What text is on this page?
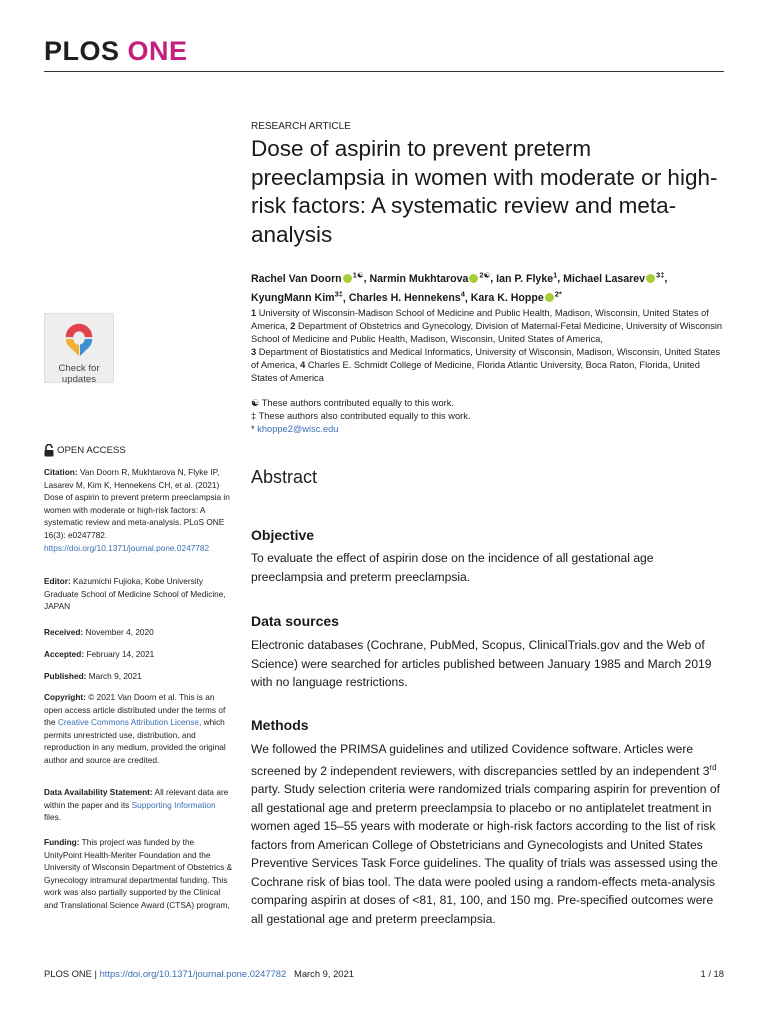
PLOS ONE
Check for
updates
OPEN ACCESS

Citation: Van Doorn R, Mukhtarova N, Flyke IP, Lasarev M, Kim K, Hennekens CH, et al. (2021) Dose of aspirin to prevent preterm preeclampsia in women with moderate or high-risk factors: A systematic review and meta-analysis. PLoS ONE 16(3): e0247782. https://doi.org/10.1371/journal.pone.0247782

Editor: Kazumichi Fujioka, Kobe University Graduate School of Medicine School of Medicine, JAPAN

Received: November 4, 2020

Accepted: February 14, 2021

Published: March 9, 2021

Copyright: © 2021 Van Doorn et al. This is an open access article distributed under the terms of the Creative Commons Attribution License, which permits unrestricted use, distribution, and reproduction in any medium, provided the original author and source are credited.

Data Availability Statement: All relevant data are within the paper and its Supporting Information files.

Funding: This project was funded by the UnityPoint Health-Meriter Foundation and the University of Wisconsin Department of Obstetrics & Gynecology intramural departmental funding. This work was also partially supported by the Clinical and Translational Science Award (CTSA) program,

RESEARCH ARTICLE
Dose of aspirin to prevent preterm preeclampsia in women with moderate or high-risk factors: A systematic review and meta-analysis
Rachel Van Doorn $^{1☯}$, Narmin Mukhtarova $^{2☯}$, Ian P. Flyke$^1$, Michael Lasarev $^{3\ddagger}$, KyungMann Kim$^{3\ddagger}$, Charles H. Hennekens$^4$, Kara K. Hoppe $^{2*}$
1 University of Wisconsin-Madison School of Medicine and Public Health, Madison, Wisconsin, United States of America, 2 Department of Obstetrics and Gynecology, Division of Maternal-Fetal Medicine, University of Wisconsin School of Medicine and Public Health, Madison, Wisconsin, United States of America,
3 Department of Biostatistics and Medical Informatics, University of Wisconsin, Madison, Wisconsin, United States of America, 4 Charles E. Schmidt College of Medicine, Florida Atlantic University, Boca Raton, Florida, United States of America
☯ These authors contributed equally to this work.
‡ These authors also contributed equally to this work.
* khoppe2@wisc.edu
Abstract
Objective

To evaluate the effect of aspirin dose on the incidence of all gestational age preeclampsia and preterm preeclampsia.

Data sources

Electronic databases (Cochrane, PubMed, Scopus, ClinicalTrials.gov and the Web of Science) were searched for articles published between January 1985 and March 2019 with no language restrictions.

Methods

We followed the PRIMSA guidelines and utilized Covidence software. Articles were screened by 2 independent reviewers, with discrepancies settled by an independent 3rd party. Study selection criteria were randomized trials comparing aspirin for prevention of all gestational age and preterm preeclampsia to placebo or no antiplatelet treatment in women aged 15–55 years with moderate or high-risk factors according to the list of risk factors from American College of Obstetricians and Gynecologists and United States Preventive Services Task Force guidelines. The quality of trials was assessed using the Cochrane risk of bias tool. The data were pooled using a random-effects meta-analysis comparing aspirin at doses of <81, 81, 100, and 150 mg. Pre-specified outcomes were all gestational age and preterm preeclampsia.

PLOS ONE | https://doi.org/10.1371/journal.pone.0247782 March 9, 2021	1 / 18
